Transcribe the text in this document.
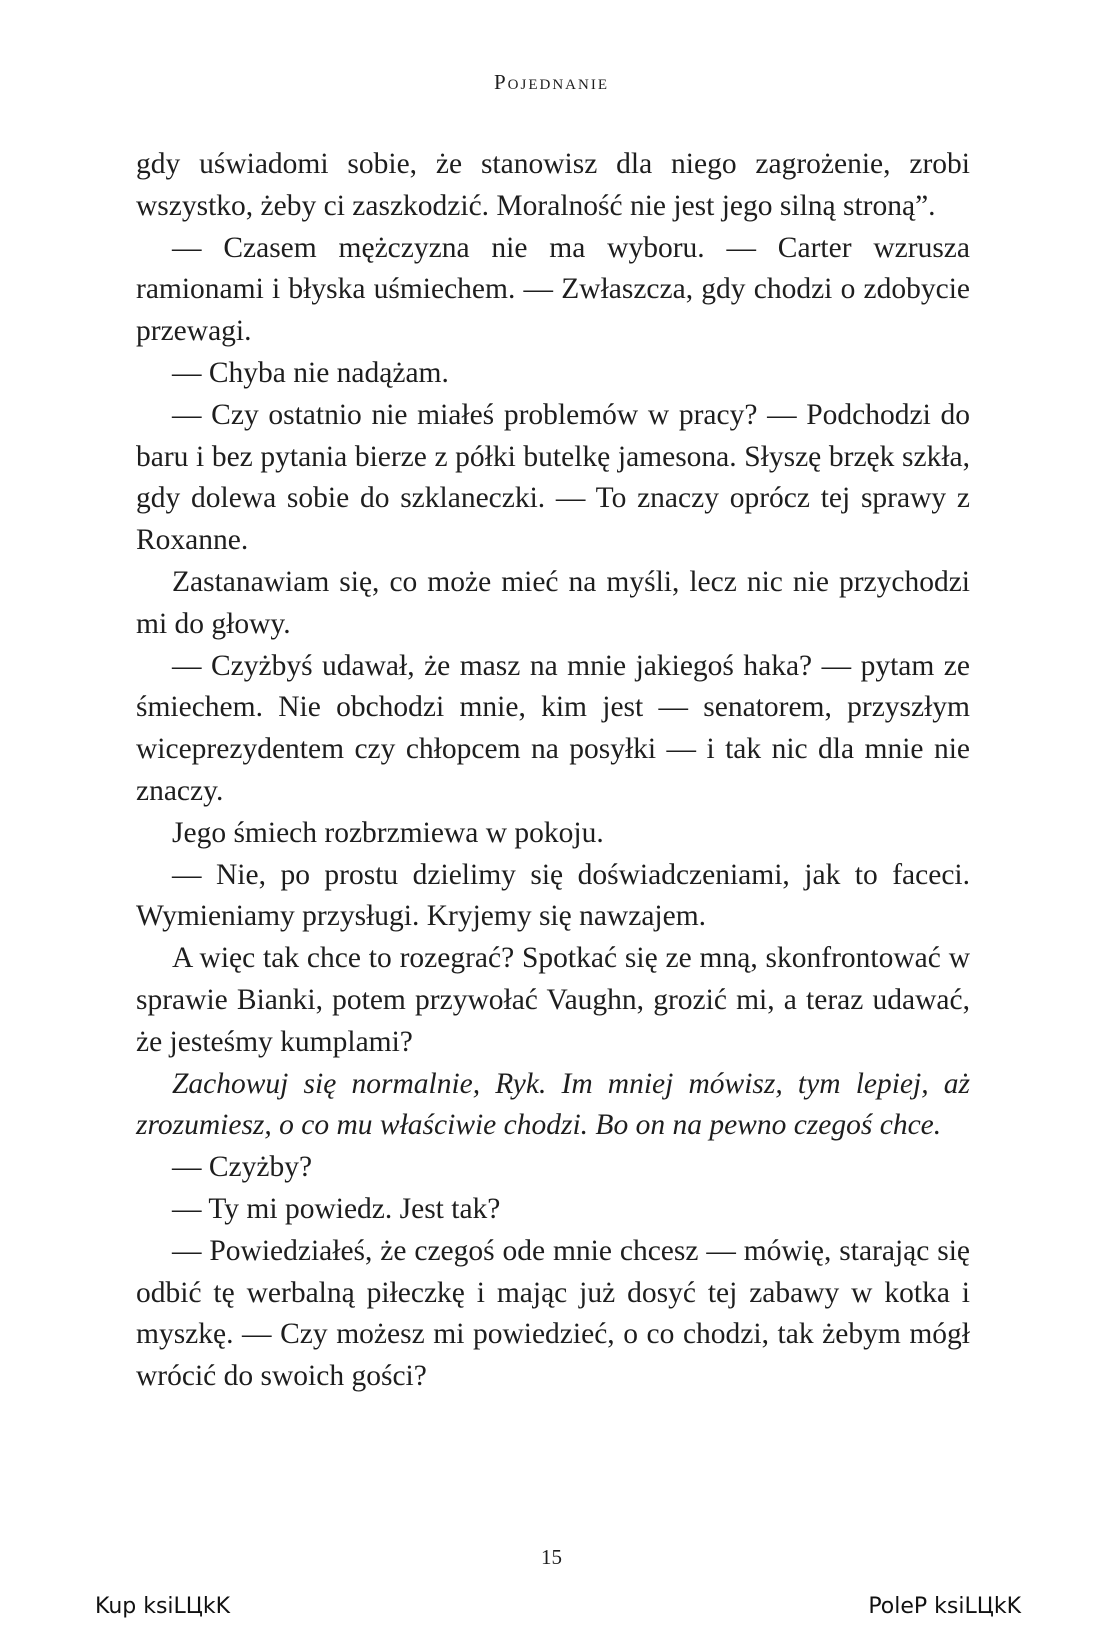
Pojednanie

gdy uświadomi sobie, że stanowisz dla niego zagrożenie, zrobi wszystko, żeby ci zaszkodzić. Moralność nie jest jego silną stroną”.

— Czasem mężczyzna nie ma wyboru. — Carter wzrusza ramionami i błyska uśmiechem. — Zwłaszcza, gdy chodzi o zdobycie przewagi.

— Chyba nie nadążam.

— Czy ostatnio nie miałeś problemów w pracy? — Podchodzi do baru i bez pytania bierze z półki butelkę jamesona. Słyszę brzęk szkła, gdy dolewa sobie do szklaneczki. — To znaczy oprócz tej sprawy z Roxanne.

Zastanawiam się, co może mieć na myśli, lecz nic nie przychodzi mi do głowy.

— Czyżbyś udawał, że masz na mnie jakiegoś haka? — pytam ze śmiechem. Nie obchodzi mnie, kim jest — senatorem, przyszłym wiceprezydentem czy chłopcem na posyłki — i tak nic dla mnie nie znaczy.

Jego śmiech rozbrzmiewa w pokoju.

— Nie, po prostu dzielimy się doświadczeniami, jak to faceci. Wymieniamy przysługi. Kryjemy się nawzajem.

A więc tak chce to rozegrać? Spotkać się ze mną, skonfrontować w sprawie Bianki, potem przywołać Vaughn, grozić mi, a teraz udawać, że jesteśmy kumplami?

Zachowuj się normalnie, Ryk. Im mniej mówisz, tym lepiej, aż zrozumiesz, o co mu właściwie chodzi. Bo on na pewno czegoś chce.

— Czyżby?

— Ty mi powiedz. Jest tak?

— Powiedziałeś, że czegoś ode mnie chcesz — mówię, starając się odbić tę werbalną piłeczkę i mając już dosyć tej zabawy w kotka i myszkę. — Czy możesz mi powiedzieć, o co chodzi, tak żebym mógł wrócić do swoich gości?

15
Kup ksiLЦkK	PoleP ksiLЦkK
